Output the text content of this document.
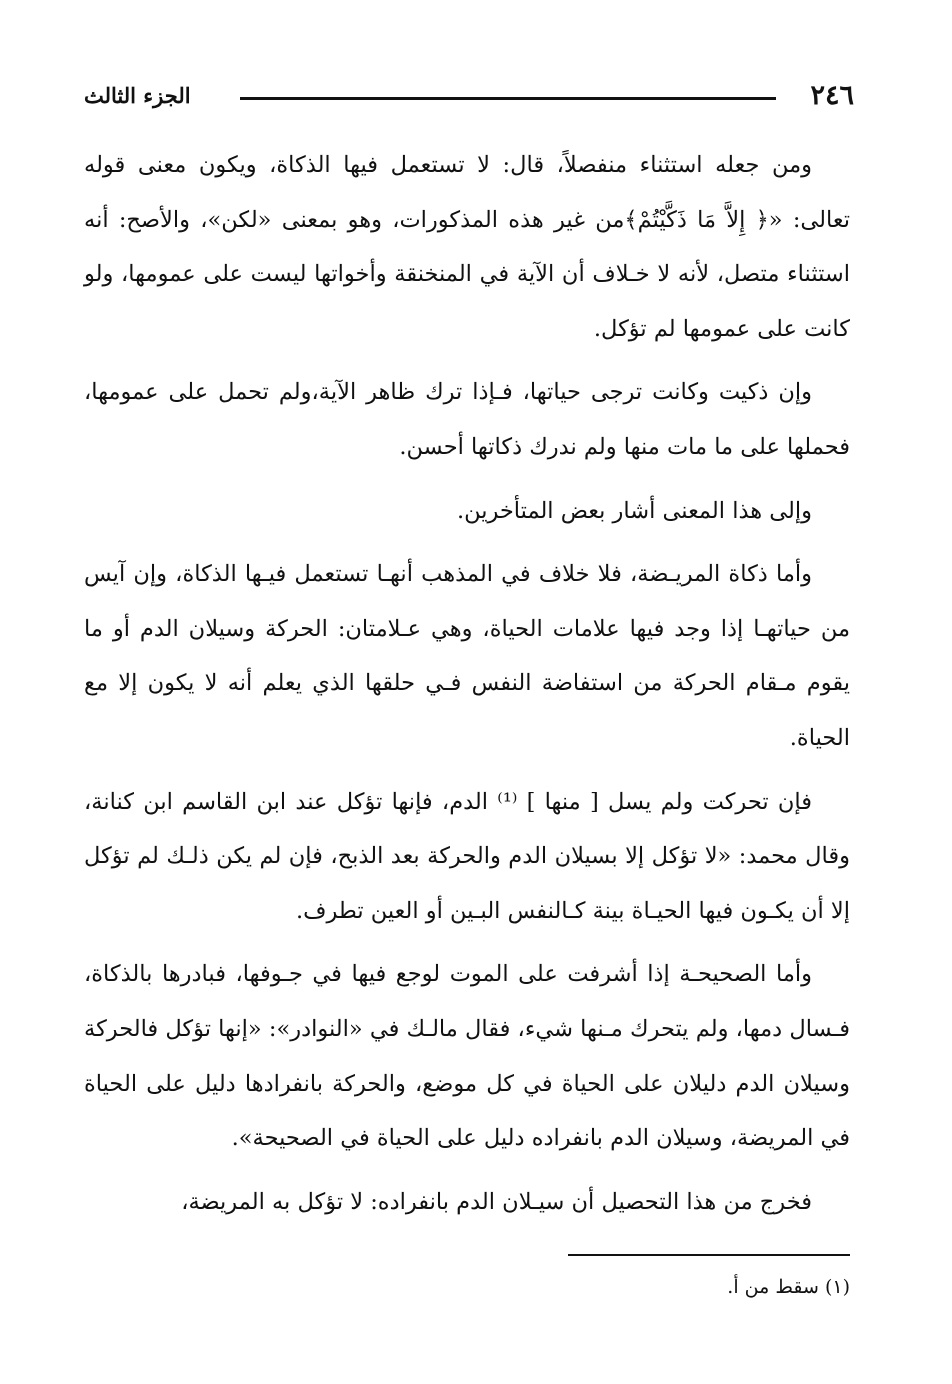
٢٤٦
الجزء الثالث

ومن جعله استثناء منفصلاً، قال: لا تستعمل فيها الذكاة، ويكون معنى قوله تعالى: «﴿ إِلاَّ مَا ذَكَّيْتُمْ﴾من غير هذه المذكورات، وهو بمعنى «لكن»، والأصح: أنه استثناء متصل، لأنه لا خـلاف أن الآية في المنخنقة وأخواتها ليست على عمومها، ولو كانت على عمومها لم تؤكل.

وإن ذكيت وكانت ترجى حياتها، فـإذا ترك ظاهر الآية،ولم تحمل على عمومها، فحملها على ما مات منها ولم ندرك ذكاتها أحسن.

وإلى هذا المعنى أشار بعض المتأخرين.

وأما ذكاة المريـضة، فلا خلاف في المذهب أنهـا تستعمل فيـها الذكاة، وإن آيس من حياتهـا إذا وجد فيها علامات الحياة، وهي عـلامتان: الحركة وسيلان الدم أو ما يقوم مـقام الحركة من استفاضة النفس فـي حلقها الذي يعلم أنه لا يكون إلا مع الحياة.

فإن تحركت ولم يسل [ منها ] ⁽¹⁾ الدم، فإنها تؤكل عند ابن القاسم ابن كنانة، وقال محمد: «لا تؤكل إلا بسيلان الدم والحركة بعد الذبح، فإن لم يكن ذلـك لم تؤكل إلا أن يكـون فيها الحيـاة بينة كـالنفس البـين أو العين تطرف.

وأما الصحيحـة إذا أشرفت على الموت لوجع فيها في جـوفها، فبادرها بالذكاة، فـسال دمها، ولم يتحرك مـنها شيء، فقال مالـك في «النوادر»: «إنها تؤكل فالحركة وسيلان الدم دليلان على الحياة في كل موضع، والحركة بانفرادها دليل على الحياة في المريضة، وسيلان الدم بانفراده دليل على الحياة في الصحيحة».

فخرج من هذا التحصيل أن سيـلان الدم بانفراده: لا تؤكل به المريضة،

(١) سقط من أ.
